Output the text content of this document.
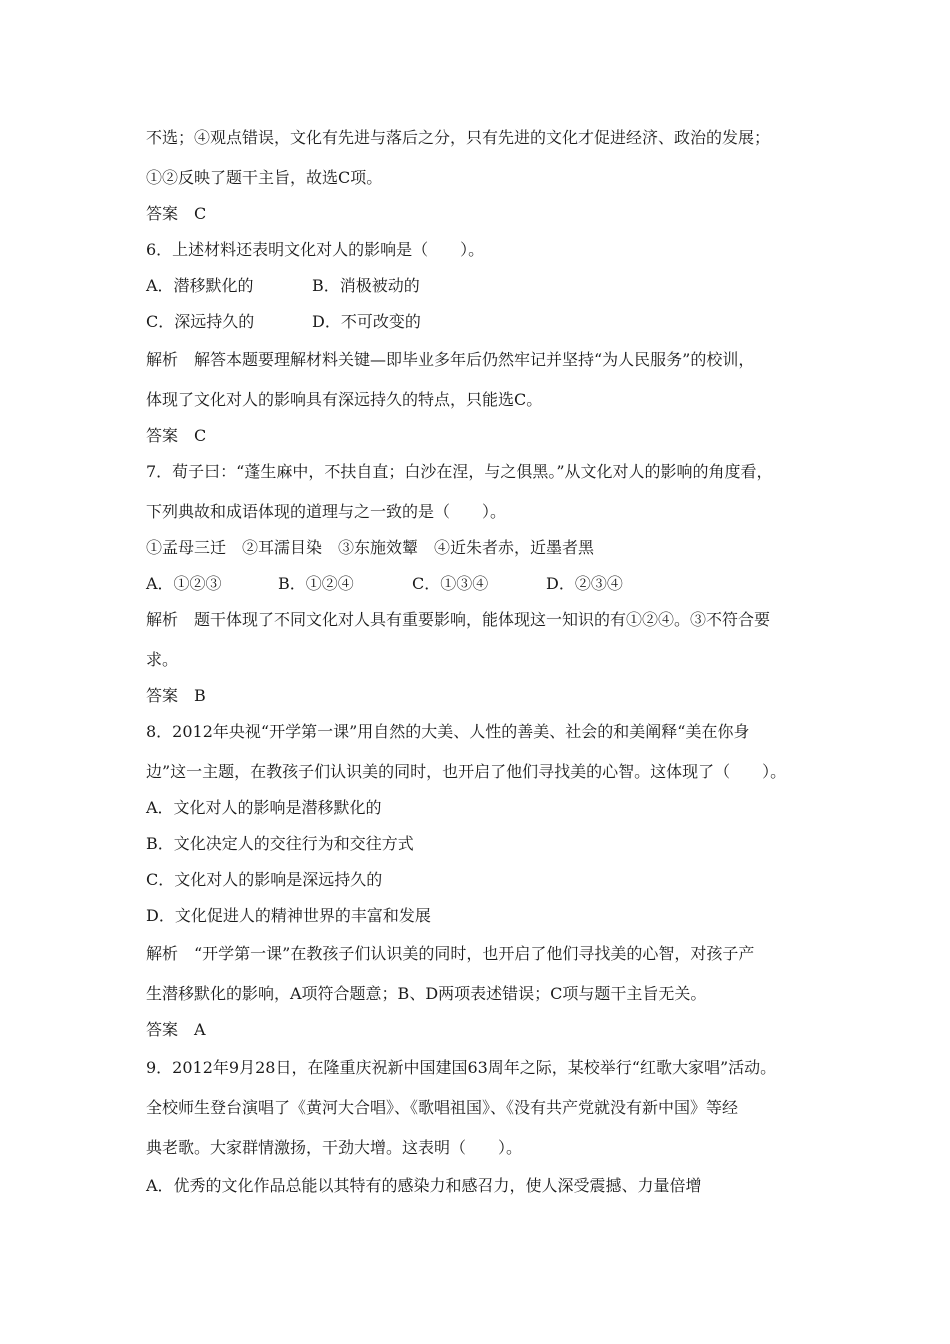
不选；④观点错误，文化有先进与落后之分，只有先进的文化才促进经济、政治的发展；
①②反映了题干主旨，故选C项。
答案　C
6．上述材料还表明文化对人的影响是（　　）。
A．潜移默化的	B．消极被动的
C．深远持久的	D．不可改变的
解析　解答本题要理解材料关键—即毕业多年后仍然牢记并坚持“为人民服务”的校训，
体现了文化对人的影响具有深远持久的特点，只能选C。
答案　C
7．荀子曰：“蓬生麻中，不扶自直；白沙在涅，与之俱黑。”从文化对人的影响的角度看，
下列典故和成语体现的道理与之一致的是（　　）。
①孟母三迁　②耳濡目染　③东施效颦　④近朱者赤，近墨者黑
A．①②③	B．①②④	C．①③④	D．②③④
解析　题干体现了不同文化对人具有重要影响，能体现这一知识的有①②④。③不符合要
求。
答案　B
8．2012年央视“开学第一课”用自然的大美、人性的善美、社会的和美阐释“美在你身
边”这一主题，在教孩子们认识美的同时，也开启了他们寻找美的心智。这体现了（　　）。
A．文化对人的影响是潜移默化的
B．文化决定人的交往行为和交往方式
C．文化对人的影响是深远持久的
D．文化促进人的精神世界的丰富和发展
解析　“开学第一课”在教孩子们认识美的同时，也开启了他们寻找美的心智，对孩子产
生潜移默化的影响，A项符合题意；B、D两项表述错误；C项与题干主旨无关。
答案　A
9．2012年9月28日，在隆重庆祝新中国建国63周年之际，某校举行“红歌大家唱”活动。
全校师生登台演唱了《黄河大合唱》、《歌唱祖国》、《没有共产党就没有新中国》等经
典老歌。大家群情激扬，干劲大增。这表明（　　）。
A．优秀的文化作品总能以其特有的感染力和感召力，使人深受震撼、力量倍增
